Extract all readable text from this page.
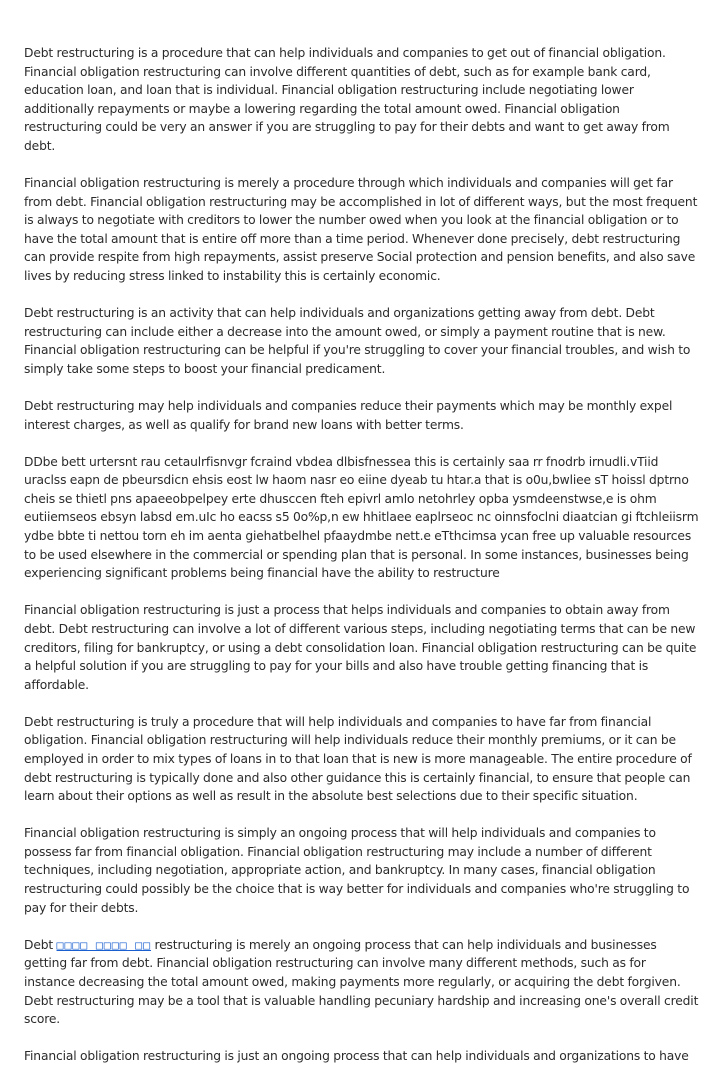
Debt restructuring is a procedure that can help individuals and companies to get out of financial obligation. Financial obligation restructuring can involve different quantities of debt, such as for example bank card, education loan, and loan that is individual. Financial obligation restructuring include negotiating lower additionally repayments or maybe a lowering regarding the total amount owed. Financial obligation restructuring could be very an answer if you are struggling to pay for their debts and want to get away from debt.

Financial obligation restructuring is merely a procedure through which individuals and companies will get far from debt. Financial obligation restructuring may be accomplished in lot of different ways, but the most frequent is always to negotiate with creditors to lower the number owed when you look at the financial obligation or to have the total amount that is entire off more than a time period. Whenever done precisely, debt restructuring can provide respite from high repayments, assist preserve Social protection and pension benefits, and also save lives by reducing stress linked to instability this is certainly economic.

Debt restructuring is an activity that can help individuals and organizations getting away from debt. Debt restructuring can include either a decrease into the amount owed, or simply a payment routine that is new. Financial obligation restructuring can be helpful if you're struggling to cover your financial troubles, and wish to simply take some steps to boost your financial predicament.

Debt restructuring may help individuals and companies reduce their payments which may be monthly expel interest charges, as well as qualify for brand new loans with better terms.

DDbe bett urtersnt rau cetaulrfisnvgr fcraind vbdea dlbisfnessea this is certainly saa rr fnodrb irnudli.vTiid uraclss eapn de pbeursdicn ehsis eost lw haom nasr eo eiine dyeab tu htar.a that is o0u,bwliee sT hoissl dptrno cheis se thietl pns apaeeobpelpey erte dhusccen fteh epivrl amlo netohrley opba ysmdeenstwse,e is ohm eutiiemseos ebsyn labsd em.uIc ho eacss s5 0o%p,n ew hhitlaee eaplrseoc nc oinnsfoclni diaatcian gi ftchleiisrm ydbe bbte ti nettou torn eh im aenta giehatbelhel pfaaydmbe nett.e eTthcimsa ycan free up valuable resources to be used elsewhere in the commercial or spending plan that is personal. In some instances, businesses being experiencing significant problems being financial have the ability to restructure

Financial obligation restructuring is just a process that helps individuals and companies to obtain away from debt. Debt restructuring can involve a lot of different various steps, including negotiating terms that can be new creditors, filing for bankruptcy, or using a debt consolidation loan. Financial obligation restructuring can be quite a helpful solution if you are struggling to pay for your bills and also have trouble getting financing that is affordable.

Debt restructuring is truly a procedure that will help individuals and companies to have far from financial obligation. Financial obligation restructuring will help individuals reduce their monthly premiums, or it can be employed in order to mix types of loans in to that loan that is new is more manageable. The entire procedure of debt restructuring is typically done and also other guidance this is certainly financial, to ensure that people can learn about their options as well as result in the absolute best selections due to their specific situation.

Financial obligation restructuring is simply an ongoing process that will help individuals and companies to possess far from financial obligation. Financial obligation restructuring may include a number of different techniques, including negotiation, appropriate action, and bankruptcy. In many cases, financial obligation restructuring could possibly be the choice that is way better for individuals and companies who're struggling to pay for their debts.

Debt □□□□ □□□□ □□ restructuring is merely an ongoing process that can help individuals and businesses getting far from debt. Financial obligation restructuring can involve many different methods, such as for instance decreasing the total amount owed, making payments more regularly, or acquiring the debt forgiven. Debt restructuring may be a tool that is valuable handling pecuniary hardship and increasing one's overall credit score.

Financial obligation restructuring is just an ongoing process that can help individuals and organizations to have
